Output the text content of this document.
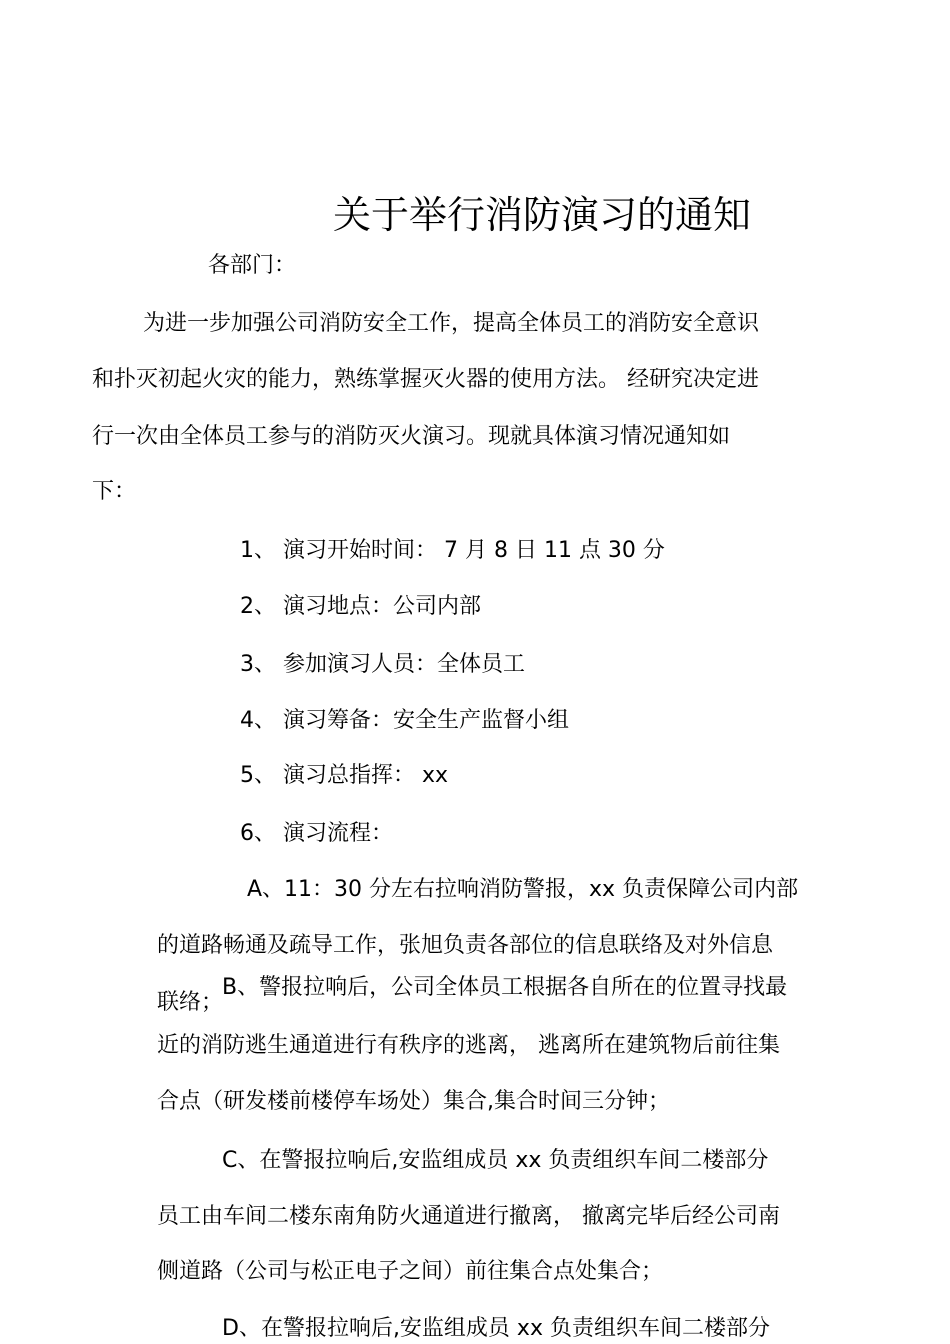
关于举行消防演习的通知
各部门：
为进一步加强公司消防安全工作，提高全体员工的消防安全意识
和扑灭初起火灾的能力，熟练掌握灭火器的使用方法。 经研究决定进
行一次由全体员工参与的消防灭火演习。现就具体演习情况通知如
下：
1、 演习开始时间： 7 月 8 日 11 点 30 分
2、 演习地点：公司内部
3、 参加演习人员：全体员工
4、 演习筹备：安全生产监督小组
5、 演习总指挥： xx
6、 演习流程：
A、11：30 分左右拉响消防警报，xx 负责保障公司内部
的道路畅通及疏导工作，张旭负责各部位的信息联络及对外信息
联络；
B、警报拉响后，公司全体员工根据各自所在的位置寻找最
近的消防逃生通道进行有秩序的逃离， 逃离所在建筑物后前往集
合点（研发楼前楼停车场处）集合,集合时间三分钟；
C、在警报拉响后,安监组成员 xx 负责组织车间二楼部分
员工由车间二楼东南角防火通道进行撤离， 撤离完毕后经公司南
侧道路（公司与松正电子之间）前往集合点处集合；
D、在警报拉响后,安监组成员 xx 负责组织车间二楼部分
